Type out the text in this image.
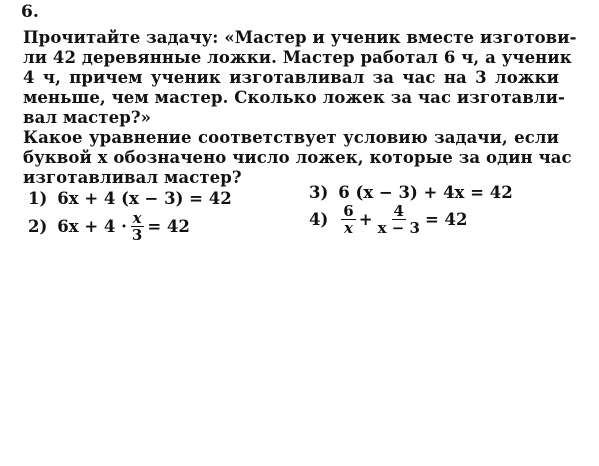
6.
Прочитайте задачу: «Мастер и ученик вместе изготови-
ли 42 деревянные ложки. Мастер работал 6 ч, а ученик
4 ч, причем ученик изготавливал за час на 3 ложки
меньше, чем мастер. Сколько ложек за час изготавли-
вал мастер?»
Какое уравнение соответствует условию задачи, если
буквой x обозначено число ложек, которые за один час
изготавливал мастер?
1) 6x + 4 (x − 3) = 42
2) $6x + 4 \cdot \frac{x}{3} = 42$
3) 6 (x − 3) + 4x = 42
$4) \frac{6}{x} + \frac{4}{x - 3} = 42$
